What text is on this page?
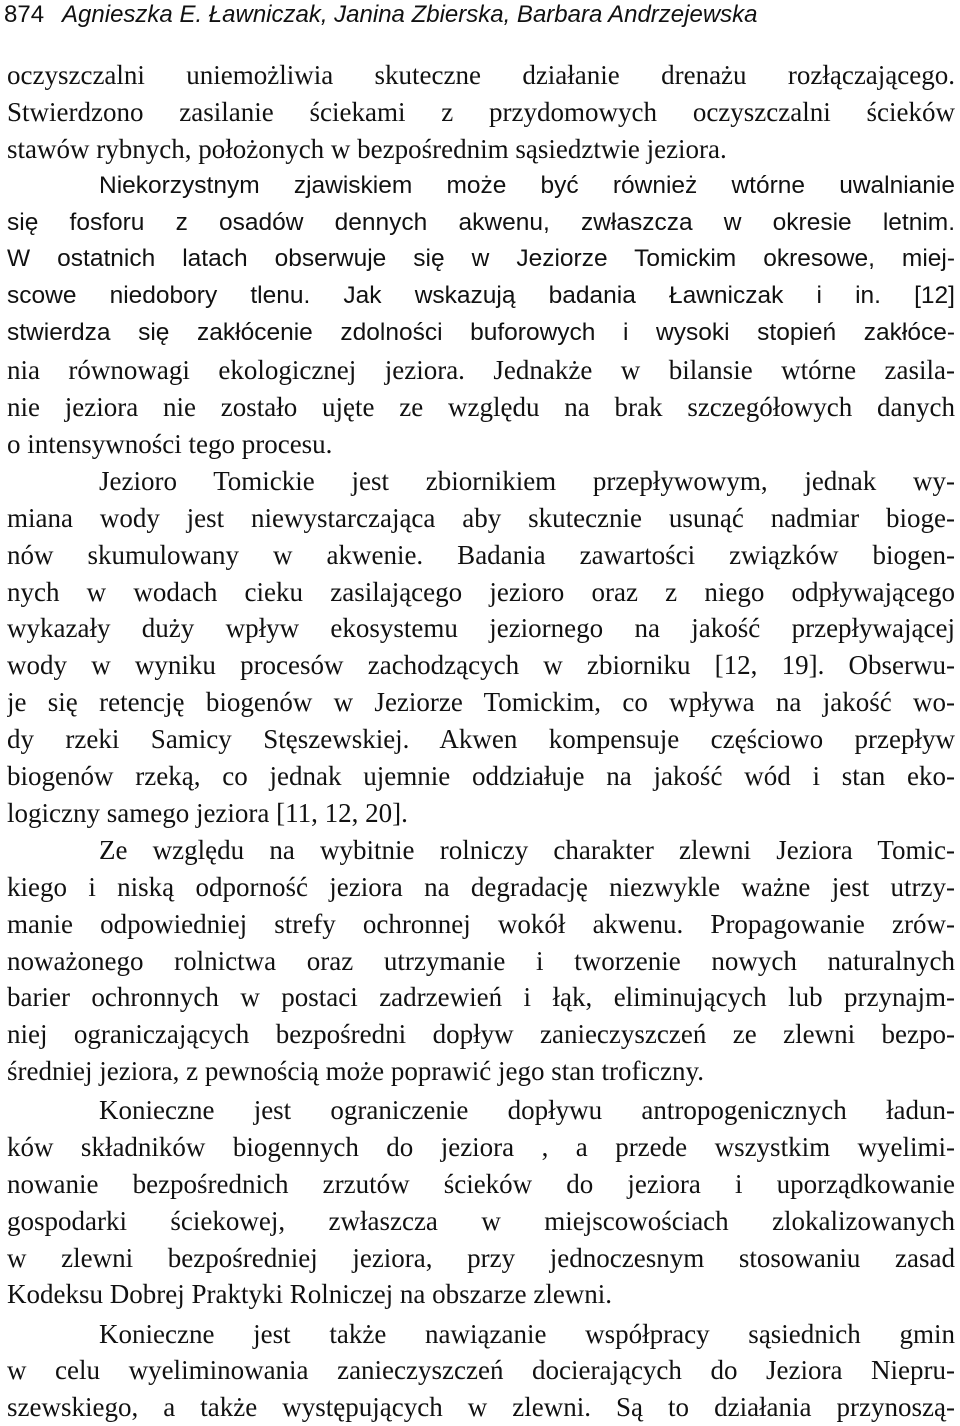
874 Agnieszka E. Ławniczak, Janina Zbierska, Barbara Andrzejewska
oczyszczalni uniemożliwia skuteczne działanie drenażu rozłączającego.
Stwierdzono zasilanie ściekami z przydomowych oczyszczalni ścieków
stawów rybnych, położonych w bezpośrednim sąsiedztwie jeziora.
Niekorzystnym zjawiskiem może być również wtórne uwalnianie
się fosforu z osadów dennych akwenu, zwłaszcza w okresie letnim.
W ostatnich latach obserwuje się w Jeziorze Tomickim okresowe, miej-
scowe niedobory tlenu. Jak wskazują badania Ławniczak i in. [12]
stwierdza się zakłócenie zdolności buforowych i wysoki stopień zakłóce-
nia równowagi ekologicznej jeziora. Jednakże w bilansie wtórne zasila-
nie jeziora nie zostało ujęte ze względu na brak szczegółowych danych
o intensywności tego procesu.
Jezioro Tomickie jest zbiornikiem przepływowym, jednak wy-
miana wody jest niewystarczająca aby skutecznie usunąć nadmiar biogе-
nów skumulowany w akwenie. Badania zawartości związków biogen-
nych w wodach cieku zasilającego jezioro oraz z niego odpływającego
wykazały duży wpływ ekosystemu jeziornego na jakość przepływającej
wody w wyniku procesów zachodzących w zbiorniku [12, 19]. Obserwu-
je się retencję biogenów w Jeziorze Tomickim, co wpływa na jakość wo-
dy rzeki Samicy Stęszewskiej. Akwen kompensuje częściowo przepływ
biogenów rzeką, co jednak ujemnie oddziałuje na jakość wód i stan eko-
logiczny samego jeziora [11, 12, 20].
Ze względu na wybitnie rolniczy charakter zlewni Jeziora Tomic-
kiego i niską odporność jeziora na degradację niezwykle ważne jest utrzy-
manie odpowiedniej strefy ochronnej wokół akwenu. Propagowanie zrów-
noważonego rolnictwa oraz utrzymanie i tworzenie nowych naturalnych
barier ochronnych w postaci zadrzewień i łąk, eliminujących lub przynajm-
niej ograniczających bezpośredni dopływ zanieczyszczeń ze zlewni bezpo-
średniej jeziora, z pewnością może poprawić jego stan troficzny.
Konieczne jest ograniczenie dopływu antropogenicznych ładun-
ków składników biogennych do jeziora , a przede wszystkim wyelimi-
nowanie bezpośrednich zrzutów ścieków do jeziora i uporządkowanie
gospodarki ściekowej, zwłaszcza w miejscowościach zlokalizowanych
w zlewni bezpośredniej jeziora, przy jednoczesnym stosowaniu zasad
Kodeksu Dobrej Praktyki Rolniczej na obszarze zlewni.
Konieczne jest także nawiązanie współpracy sąsiednich gmin
w celu wyeliminowania zanieczyszczeń docierających do Jeziora Niepru-
szewskiego, a także występujących w zlewni. Są to działania przynoszą-
